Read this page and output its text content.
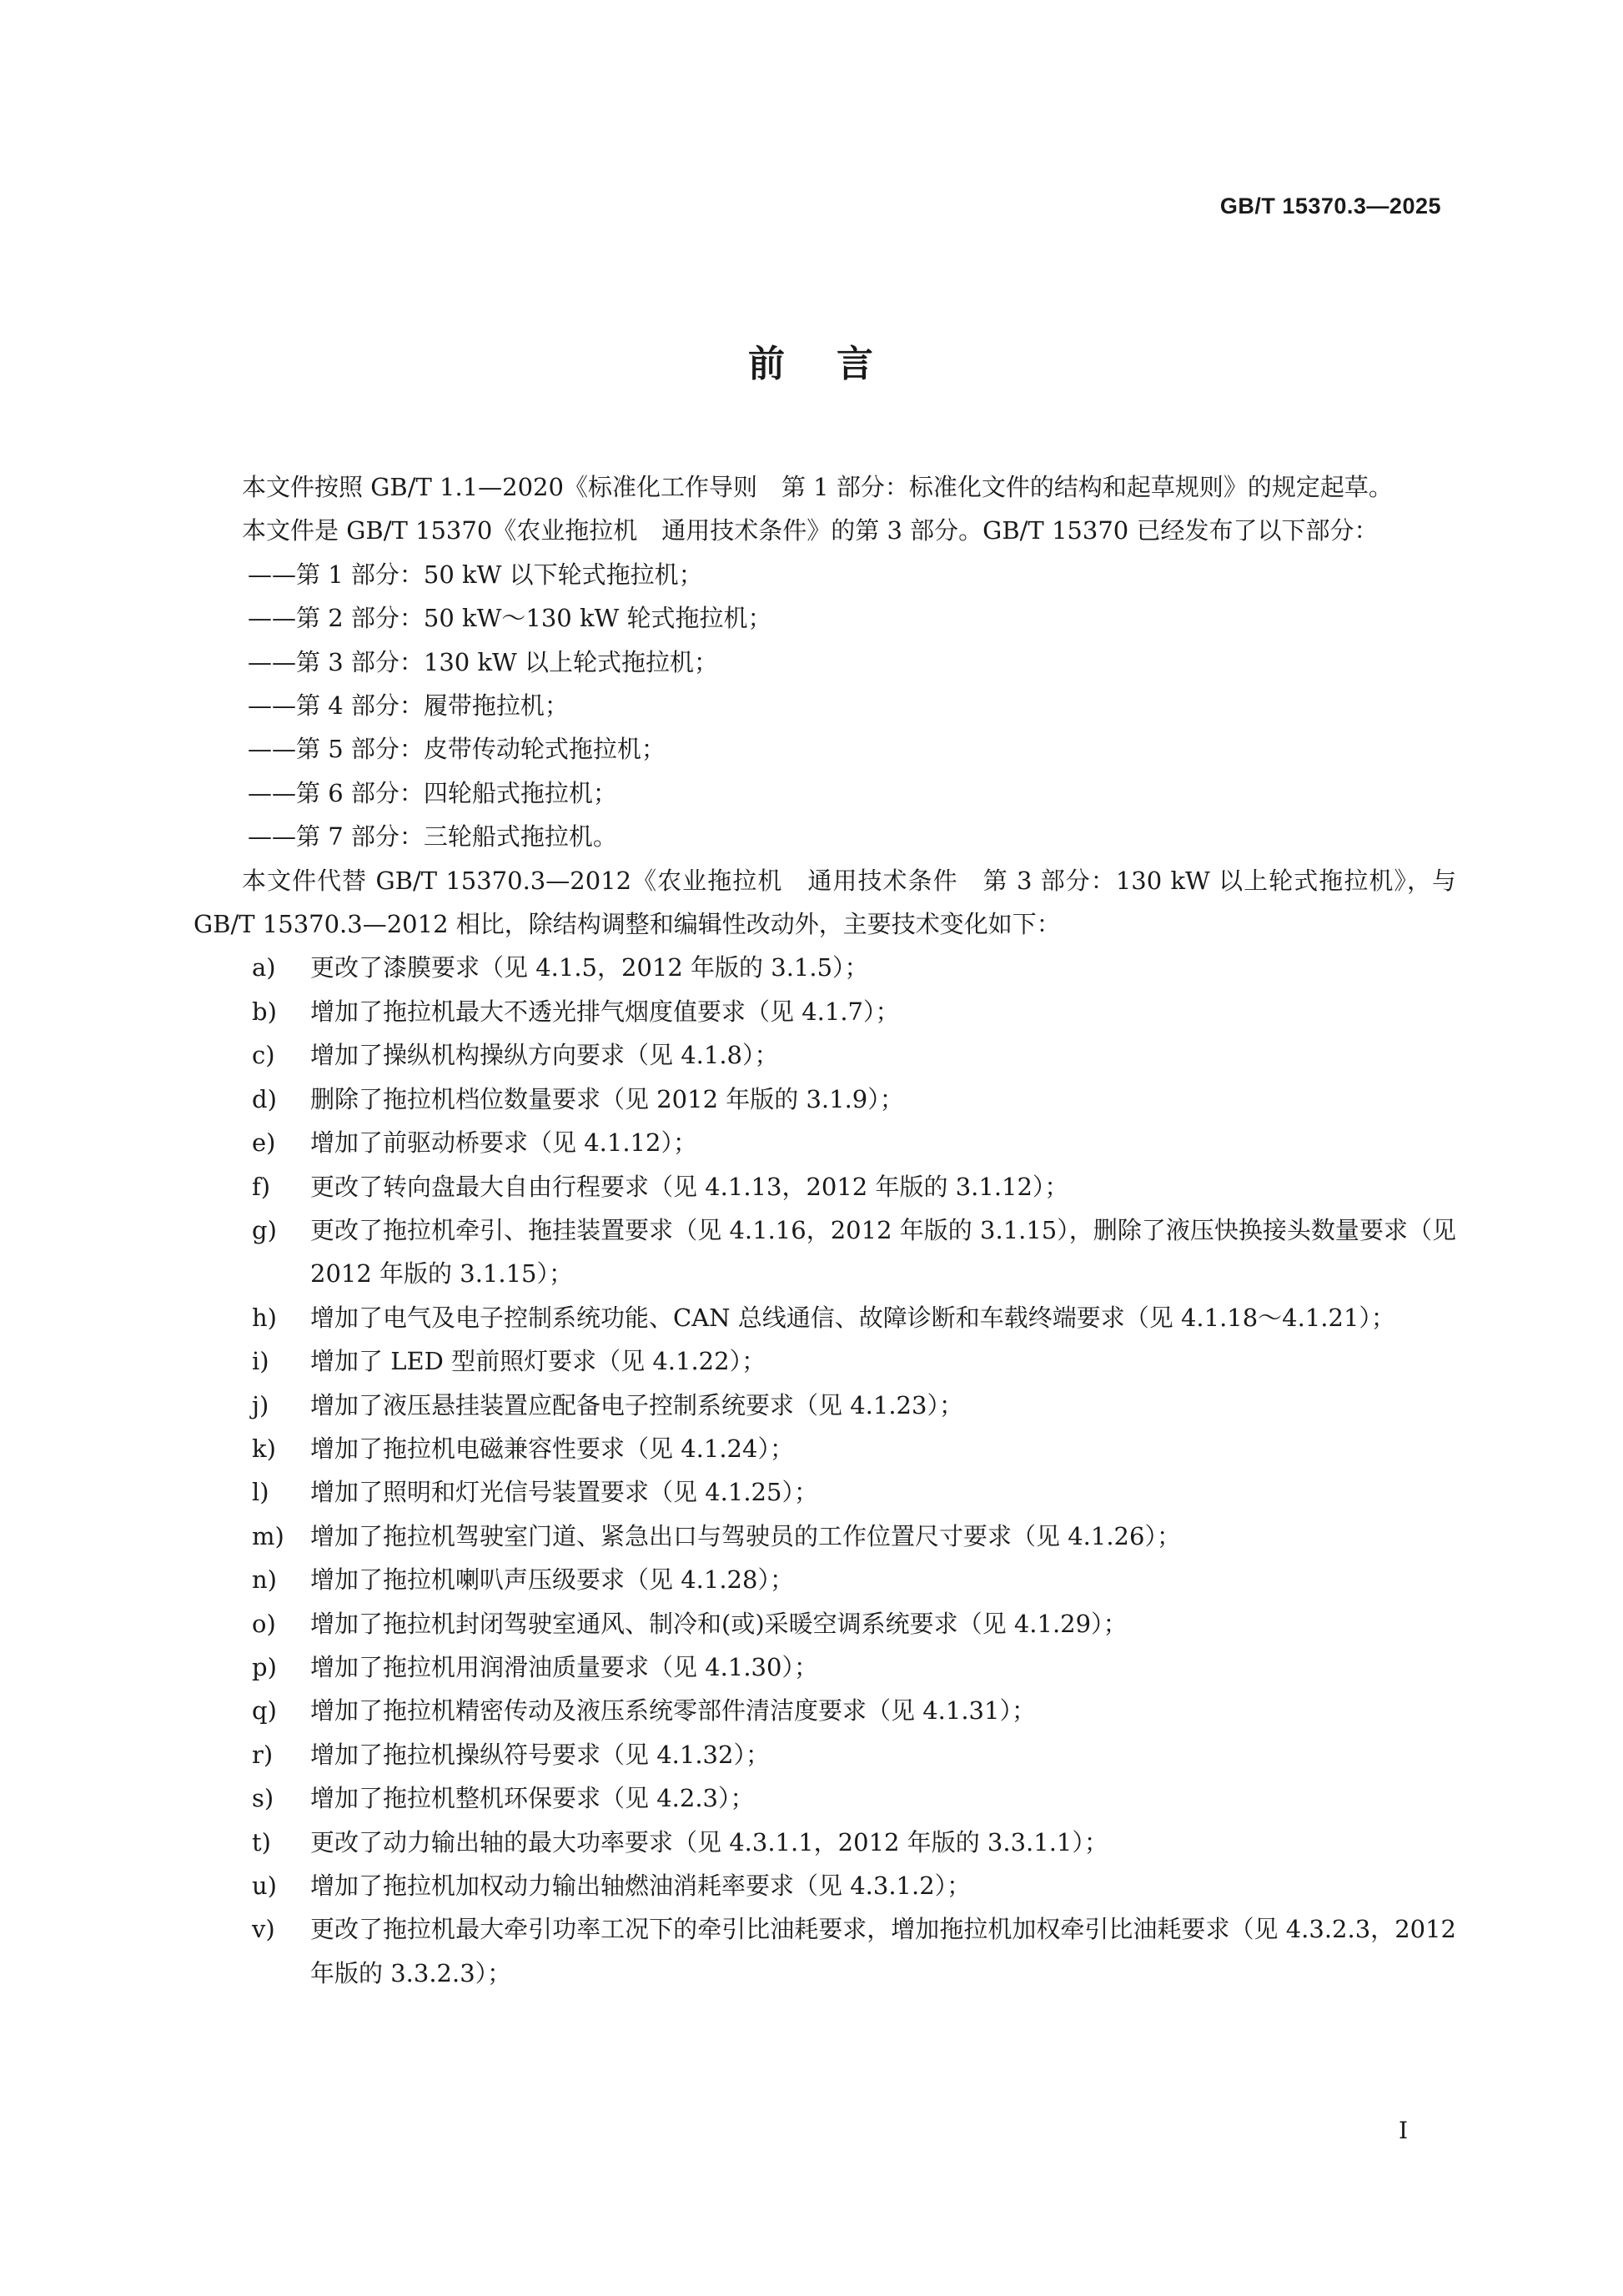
GB/T 15370.3—2025
前 言

本文件按照 GB/T 1.1—2020《标准化工作导则　第 1 部分：标准化文件的结构和起草规则》的规定起草。

本文件是 GB/T 15370《农业拖拉机　通用技术条件》的第 3 部分。GB/T 15370 已经发布了以下部分：

——第 1 部分：50 kW 以下轮式拖拉机；

——第 2 部分：50 kW～130 kW 轮式拖拉机；

——第 3 部分：130 kW 以上轮式拖拉机；

——第 4 部分：履带拖拉机；

——第 5 部分：皮带传动轮式拖拉机；

——第 6 部分：四轮船式拖拉机；

——第 7 部分：三轮船式拖拉机。

本文件代替 GB/T 15370.3—2012《农业拖拉机　通用技术条件　第 3 部分：130 kW 以上轮式拖拉机》，与 GB/T 15370.3—2012 相比，除结构调整和编辑性改动外，主要技术变化如下：

a)	更改了漆膜要求（见 4.1.5，2012 年版的 3.1.5）；
b)	增加了拖拉机最大不透光排气烟度值要求（见 4.1.7）；
c)	增加了操纵机构操纵方向要求（见 4.1.8）；
d)	删除了拖拉机档位数量要求（见 2012 年版的 3.1.9）；
e)	增加了前驱动桥要求（见 4.1.12）；
f)	更改了转向盘最大自由行程要求（见 4.1.13，2012 年版的 3.1.12）；
g)	更改了拖拉机牵引、拖挂装置要求（见 4.1.16，2012 年版的 3.1.15），删除了液压快换接头数量要求（见 2012 年版的 3.1.15）；
h)	增加了电气及电子控制系统功能、CAN 总线通信、故障诊断和车载终端要求（见 4.1.18～4.1.21）；
i)	增加了 LED 型前照灯要求（见 4.1.22）；
j)	增加了液压悬挂装置应配备电子控制系统要求（见 4.1.23）；
k)	增加了拖拉机电磁兼容性要求（见 4.1.24）；
l)	增加了照明和灯光信号装置要求（见 4.1.25）；
m)	增加了拖拉机驾驶室门道、紧急出口与驾驶员的工作位置尺寸要求（见 4.1.26）；
n)	增加了拖拉机喇叭声压级要求（见 4.1.28）；
o)	增加了拖拉机封闭驾驶室通风、制冷和(或)采暖空调系统要求（见 4.1.29）；
p)	增加了拖拉机用润滑油质量要求（见 4.1.30）；
q)	增加了拖拉机精密传动及液压系统零部件清洁度要求（见 4.1.31）；
r)	增加了拖拉机操纵符号要求（见 4.1.32）；
s)	增加了拖拉机整机环保要求（见 4.2.3）；
t)	更改了动力输出轴的最大功率要求（见 4.3.1.1，2012 年版的 3.3.1.1）；
u)	增加了拖拉机加权动力输出轴燃油消耗率要求（见 4.3.1.2）；
v)	更改了拖拉机最大牵引功率工况下的牵引比油耗要求，增加拖拉机加权牵引比油耗要求（见 4.3.2.3，2012 年版的 3.3.2.3）；
I
